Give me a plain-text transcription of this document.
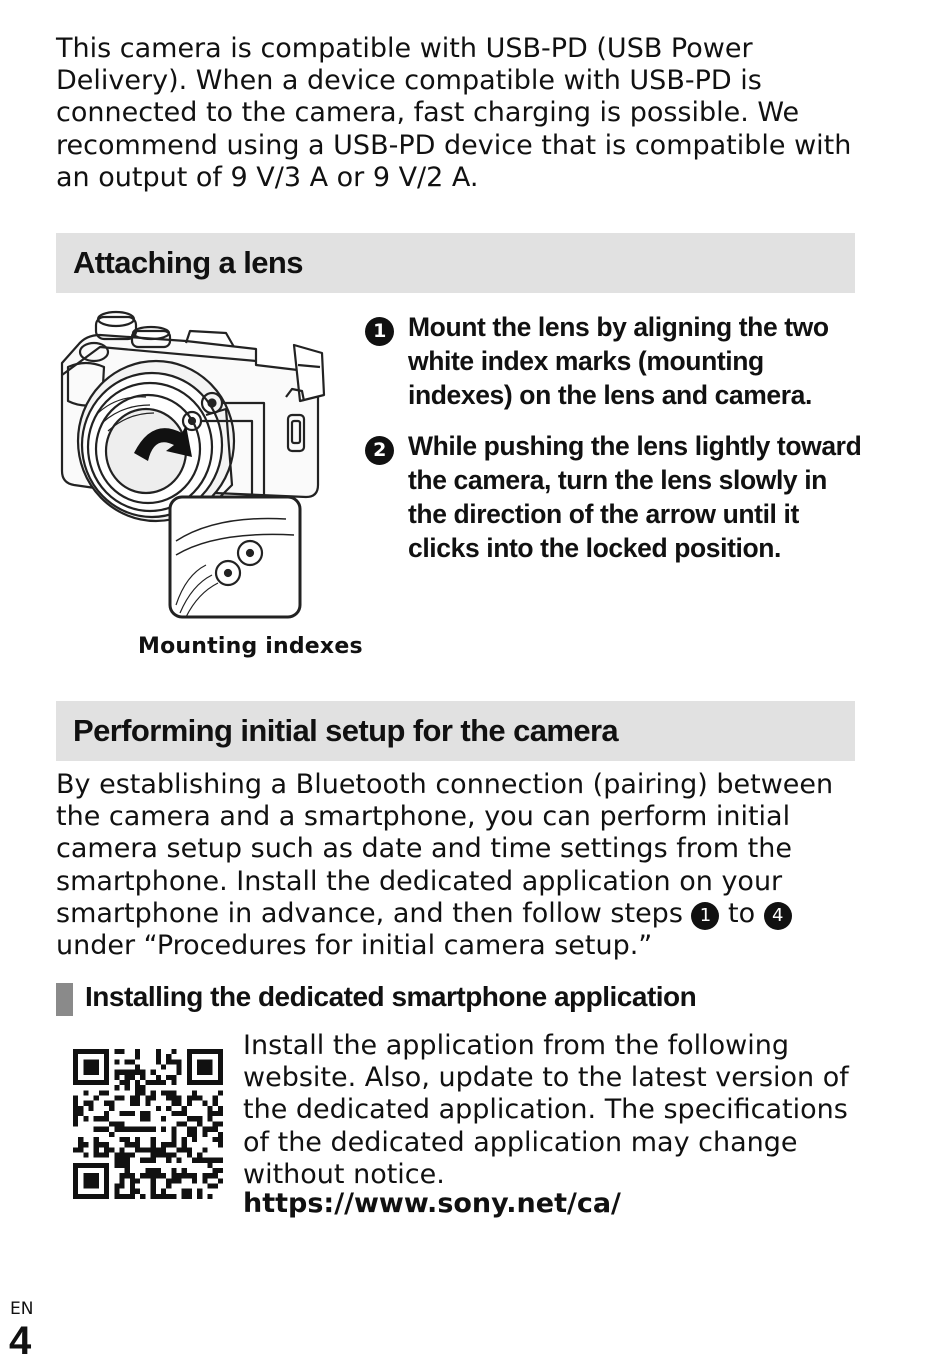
This camera is compatible with USB-PD (USB Power Delivery). When a device compatible with USB-PD is connected to the camera, fast charging is possible. We recommend using a USB-PD device that is compatible with an output of 9 V/3 A or 9 V/2 A.

Attaching a lens
Mounting indexes
1 Mount the lens by aligning the two white index marks (mounting indexes) on the lens and camera.
2 While pushing the lens lightly toward the camera, turn the lens slowly in the direction of the arrow until it clicks into the locked position.
Performing initial setup for the camera

By establishing a Bluetooth connection (pairing) between the camera and a smartphone, you can perform initial camera setup such as date and time settings from the smartphone. Install the dedicated application on your smartphone in advance, and then follow steps 1 to 4 under “Procedures for initial camera setup.”

Installing the dedicated smartphone application

Install the application from the following website. Also, update to the latest version of the dedicated application. The specifications of the dedicated application may change without notice.

https://www.sony.net/ca/
EN
4
